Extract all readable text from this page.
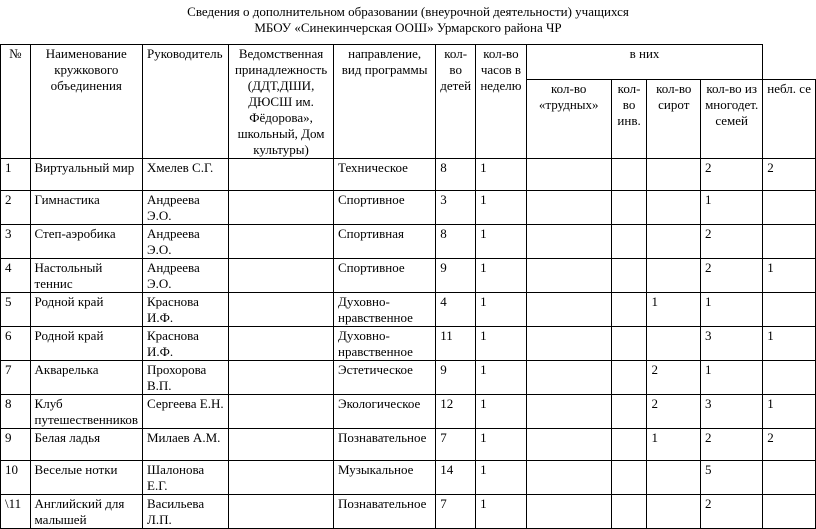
Сведения о дополнительном образовании (внеурочной деятельности) учащихся
МБОУ «Синекинчерская ООШ» Урмарского района ЧР
№	Наименование кружкового объединения	Руководитель	Ведомственная принадлежность (ДДТ,ДШИ, ДЮСШ им. Фёдорова», школьный, Дом культуры)	направление, вид программы	кол-во детей	кол-во часов в неделю	в них				
							кол-во «трудных»	кол-во инв.	кол-во сирот	кол-во из многодет. семей	небл. се
1	Виртуальный мир	Хмелев С.Г.		Техническое	8	1				2	2
2	Гимнастика	Андреева Э.О.		Спортивное	3	1				1	
3	Степ-аэробика	Андреева Э.О.		Спортивная	8	1				2	
4	Настольный теннис	Андреева Э.О.		Спортивное	9	1				2	1
5	Родной край	Краснова И.Ф.		Духовно-нравственное	4	1			1	1	
6	Родной край	Краснова И.Ф.		Духовно-нравственное	11	1				3	1
7	Акварелька	Прохорова В.П.		Эстетическое	9	1			2	1	
8	Клуб путешественников	Сергеева Е.Н.		Экологическое	12	1			2	3	1
9	Белая ладья	Милаев А.М.		Познавательное	7	1			1	2	2
10	Веселые нотки	Шалонова Е.Г.		Музыкальное	14	1				5	
\11	Английский для малышей	Васильева Л.П.		Познавательное	7	1				2	
